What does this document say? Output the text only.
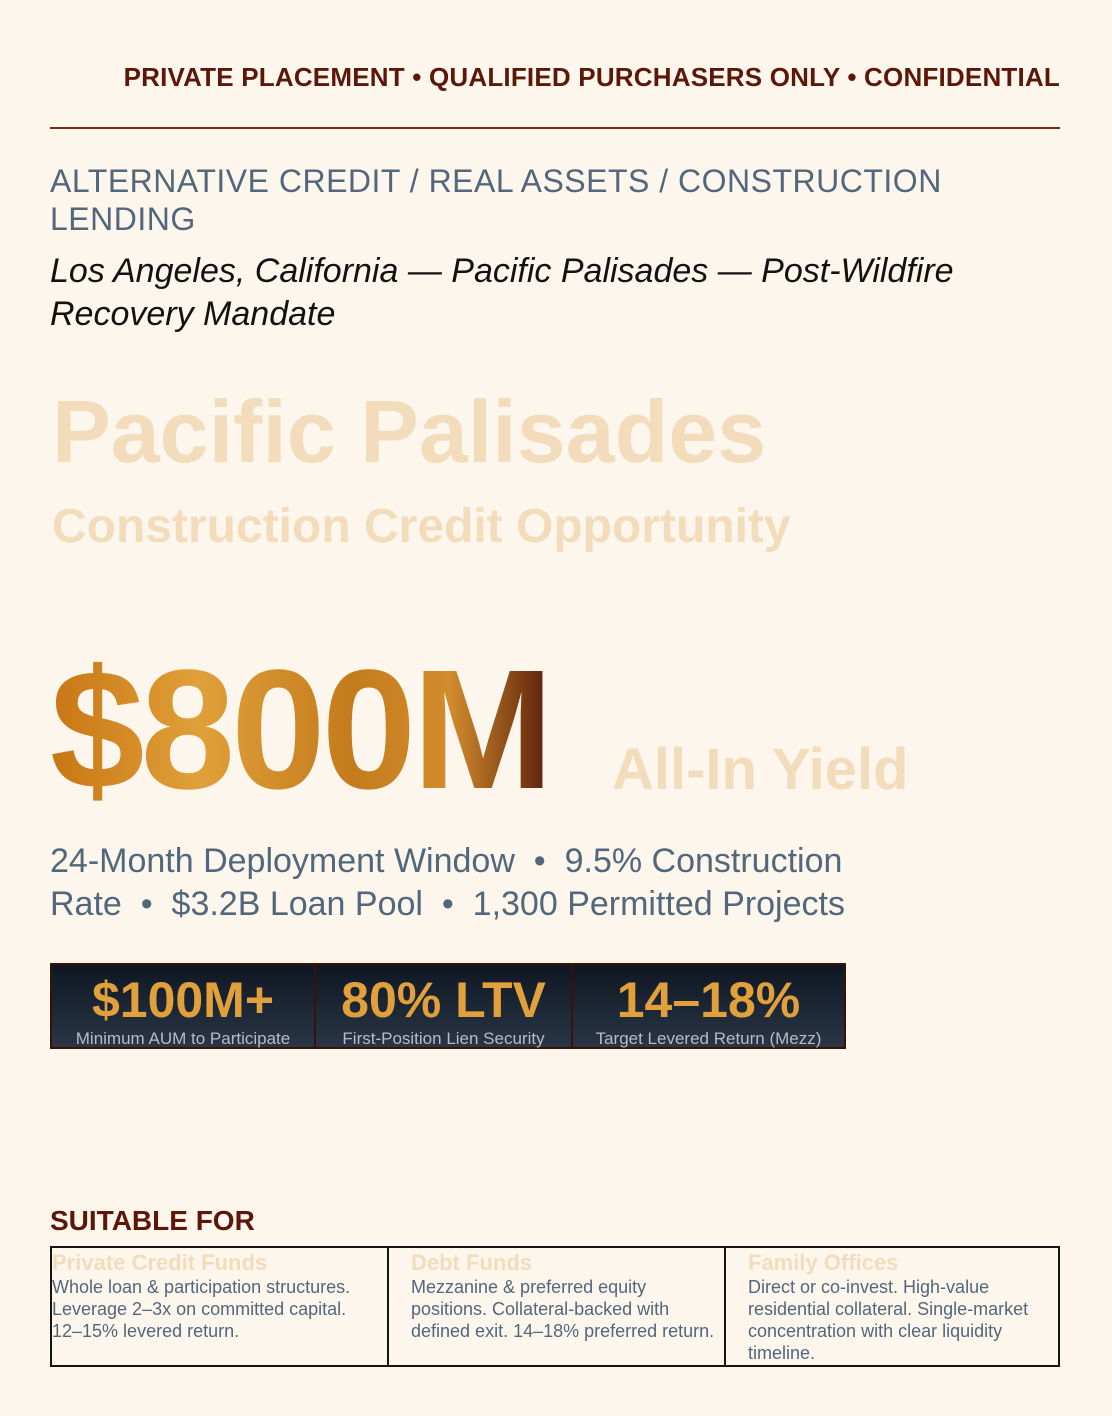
PRIVATE PLACEMENT • QUALIFIED PURCHASERS ONLY • CONFIDENTIAL
ALTERNATIVE CREDIT / REAL ASSETS / CONSTRUCTION LENDING
Los Angeles, California — Pacific Palisades — Post-Wildfire Recovery Mandate
Pacific Palisades
Construction Credit Opportunity
$800M All-In Yield
24-Month Deployment Window  •  9.5% Construction Rate  •  $3.2B Loan Pool  •  1,300 Permitted Projects
$100M+
Minimum AUM to Participate
80% LTV
First-Position Lien Security
14–18%
Target Levered Return (Mezz)
SUITABLE FOR
Private Credit Funds
Whole loan & participation structures. Leverage 2–3x on committed capital. 12–15% levered return.
Debt Funds
Mezzanine & preferred equity positions. Collateral-backed with defined exit. 14–18% preferred return.
Family Offices
Direct or co-invest. High-value residential collateral. Single-market concentration with clear liquidity timeline.
